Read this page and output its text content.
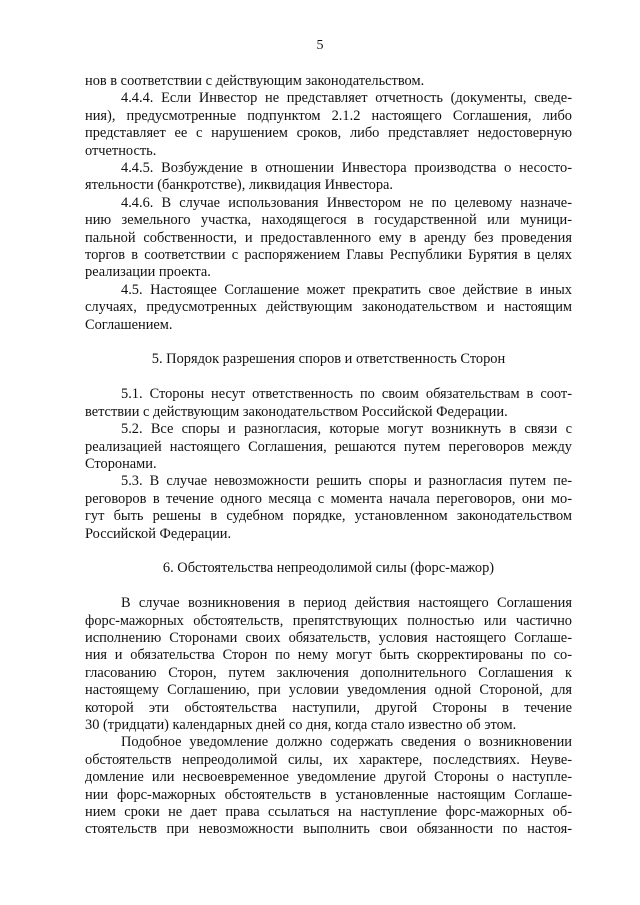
5
нов в соответствии с действующим законодательством.
4.4.4. Если Инвестор не представляет отчетность (документы, сведе-
ния), предусмотренные подпунктом 2.1.2 настоящего Соглашения, либо
представляет ее с нарушением сроков, либо представляет недостоверную
отчетность.
4.4.5. Возбуждение в отношении Инвестора производства о несосто-
ятельности (банкротстве), ликвидация Инвестора.
4.4.6. В случае использования Инвестором не по целевому назначе-
нию земельного участка, находящегося в государственной или муници-
пальной собственности, и предоставленного ему в аренду без проведения
торгов в соответствии с распоряжением Главы Республики Бурятия в целях
реализации проекта.
4.5. Настоящее Соглашение может прекратить свое действие в иных
случаях, предусмотренных действующим законодательством и настоящим
Соглашением.
5. Порядок разрешения споров и ответственность Сторон
5.1. Стороны несут ответственность по своим обязательствам в соот-
ветствии с действующим законодательством Российской Федерации.
5.2. Все споры и разногласия, которые могут возникнуть в связи с
реализацией настоящего Соглашения, решаются путем переговоров между
Сторонами.
5.3. В случае невозможности решить споры и разногласия путем пе-
реговоров в течение одного месяца с момента начала переговоров, они мо-
гут быть решены в судебном порядке, установленном законодательством
Российской Федерации.
6. Обстоятельства непреодолимой силы (форс-мажор)
В случае возникновения в период действия настоящего Соглашения
форс-мажорных обстоятельств, препятствующих полностью или частично
исполнению Сторонами своих обязательств, условия настоящего Соглаше-
ния и обязательства Сторон по нему могут быть скорректированы по со-
гласованию Сторон, путем заключения дополнительного Соглашения к
настоящему Соглашению, при условии уведомления одной Стороной, для
которой эти обстоятельства наступили, другой Стороны в течение
30 (тридцати) календарных дней со дня, когда стало известно об этом.
Подобное уведомление должно содержать сведения о возникновении
обстоятельств непреодолимой силы, их характере, последствиях. Неуве-
домление или несвоевременное уведомление другой Стороны о наступле-
нии форс-мажорных обстоятельств в установленные настоящим Соглаше-
нием сроки не дает права ссылаться на наступление форс-мажорных об-
стоятельств при невозможности выполнить свои обязанности по настоя-
